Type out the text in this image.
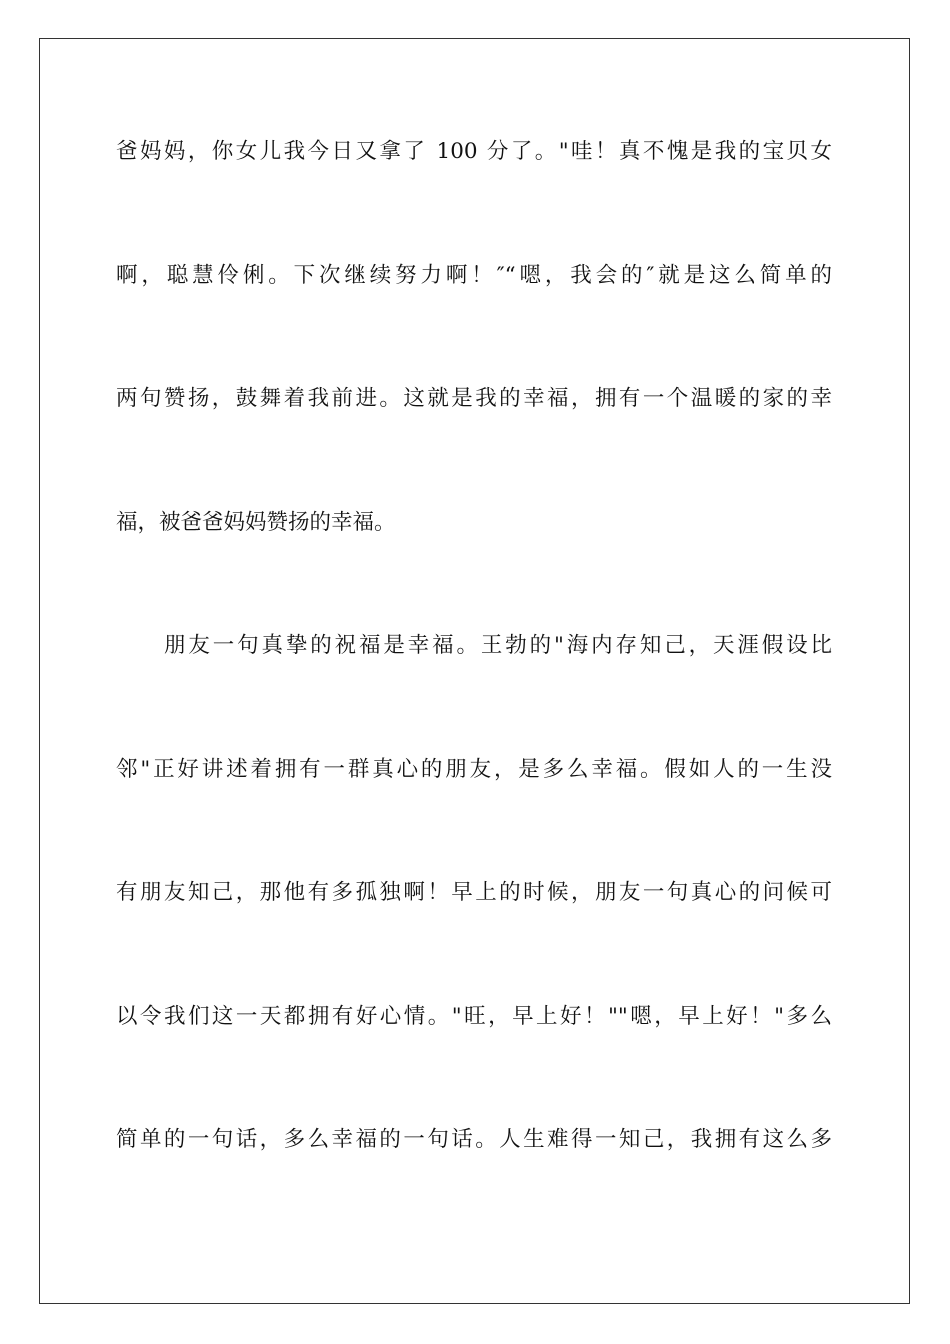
爸妈妈，你女儿我今日又拿了 100 分了。"哇！真不愧是我的宝贝女
啊，聪慧伶俐。下次继续努力啊！″“嗯，我会的″就是这么简单的
两句赞扬，鼓舞着我前进。这就是我的幸福，拥有一个温暖的家的幸
福，被爸爸妈妈赞扬的幸福。
朋友一句真挚的祝福是幸福。王勃的"海内存知己，天涯假设比
邻"正好讲述着拥有一群真心的朋友，是多么幸福。假如人的一生没
有朋友知己，那他有多孤独啊！早上的时候，朋友一句真心的问候可
以令我们这一天都拥有好心情。"旺，早上好！""嗯，早上好！"多么
简单的一句话，多么幸福的一句话。人生难得一知己，我拥有这么多
